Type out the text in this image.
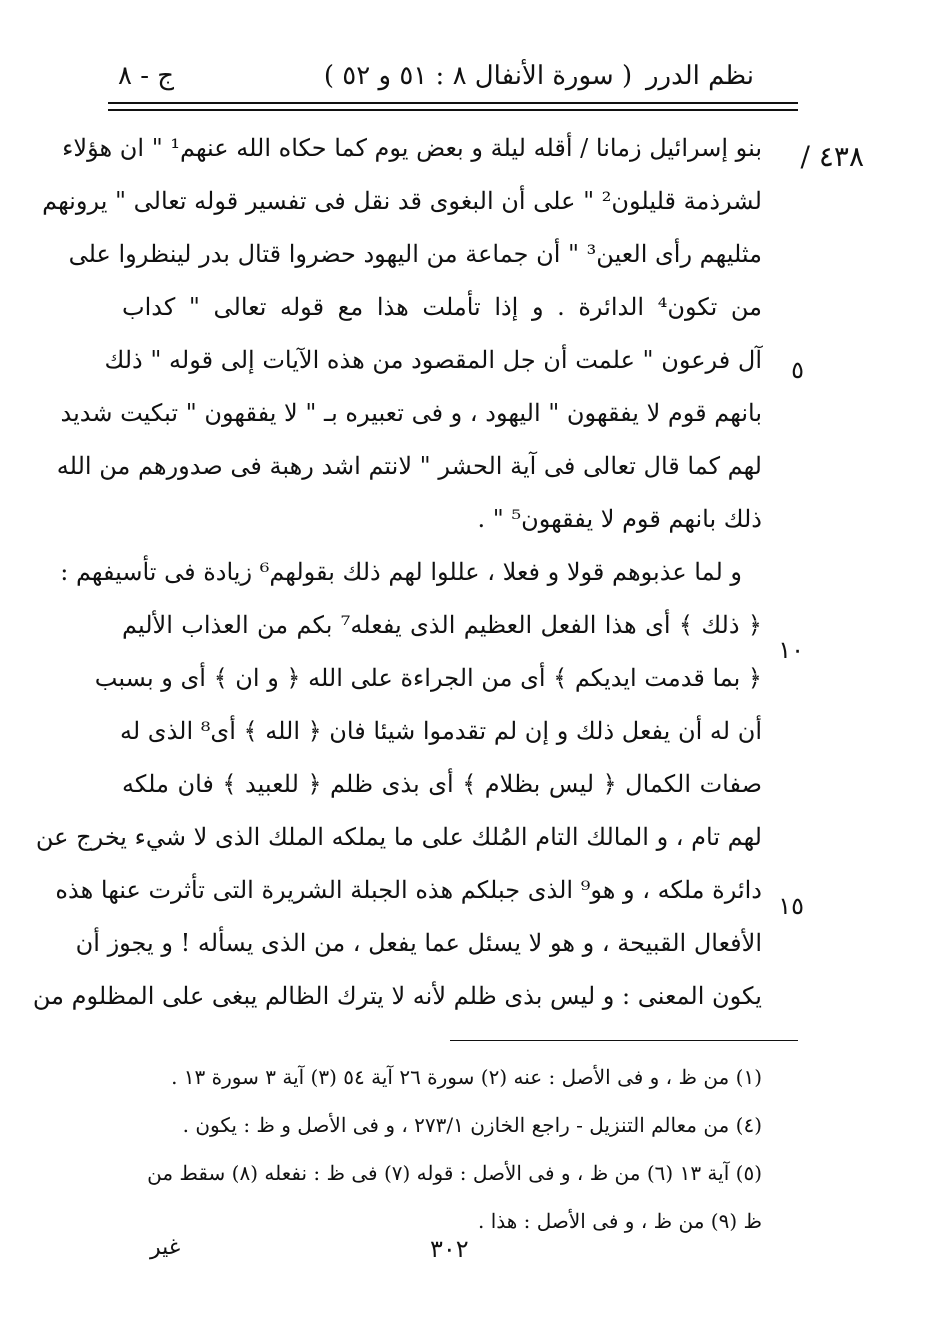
نظم الدرر
( سورة الأنفال ٨ : ٥١ و ٥٢ )
ج - ٨
٤٣٨ /
٥
١٠
١٥
بنو إسرائيل زمانا / أقله ليلة و بعض يوم كما حكاه الله عنهم¹ " ان هؤلاء
لشرذمة قليلون² " على أن البغوى قد نقل فى تفسير قوله تعالى " يرونهم
مثليهم رأى العين³ " أن جماعة من اليهود حضروا قتال بدر لينظروا على
من تكون⁴ الدائرة . و إذا تأملت هذا مع قوله تعالى " كداب
آل فرعون " علمت أن جل المقصود من هذه الآيات إلى قوله " ذلك
بانهم قوم لا يفقهون " اليهود ، و فى تعبيره بـ " لا يفقهون " تبكيت شديد
لهم كما قال تعالى فى آية الحشر " لانتم اشد رهبة فى صدورهم من الله
ذلك بانهم قوم لا يفقهون⁵ " .
و لما عذبوهم قولا و فعلا ، عللوا لهم ذلك بقولهم⁶ زيادة فى تأسيفهم :
﴿ ذلك ﴾ أى هذا الفعل العظيم الذى يفعله⁷ بكم من العذاب الأليم
﴿ بما قدمت ايديكم ﴾ أى من الجراءة على الله ﴿ و ان ﴾ أى و بسبب
أن له أن يفعل ذلك و إن لم تقدموا شيئا فان ﴿ الله ﴾ أى⁸ الذى له
صفات الكمال ﴿ ليس بظلام ﴾ أى بذى ظلم ﴿ للعبيد ﴾ فان ملكه
لهم تام ، و المالك التام المُلك على ما يملكه الملك الذى لا شيء يخرج عن
دائرة ملكه ، و هو⁹ الذى جبلكم هذه الجبلة الشريرة التى تأثرت عنها هذه
الأفعال القبيحة ، و هو لا يسئل عما يفعل ، من الذى يسأله ! و يجوز أن
يكون المعنى : و ليس بذى ظلم لأنه لا يترك الظالم يبغى على المظلوم من
(١) من ظ ، و فى الأصل : عنه (٢) سورة ٢٦ آية ٥٤ (٣) آية ٣ سورة ١٣ .
(٤) من معالم التنزيل - راجع الخازن ٢٧٣/١ ، و فى الأصل و ظ : يكون .
(٥) آية ١٣ (٦) من ظ ، و فى الأصل : قوله (٧) فى ظ : نفعله (٨) سقط من
ظ (٩) من ظ ، و فى الأصل : هذا .
غير	٣٠٢
